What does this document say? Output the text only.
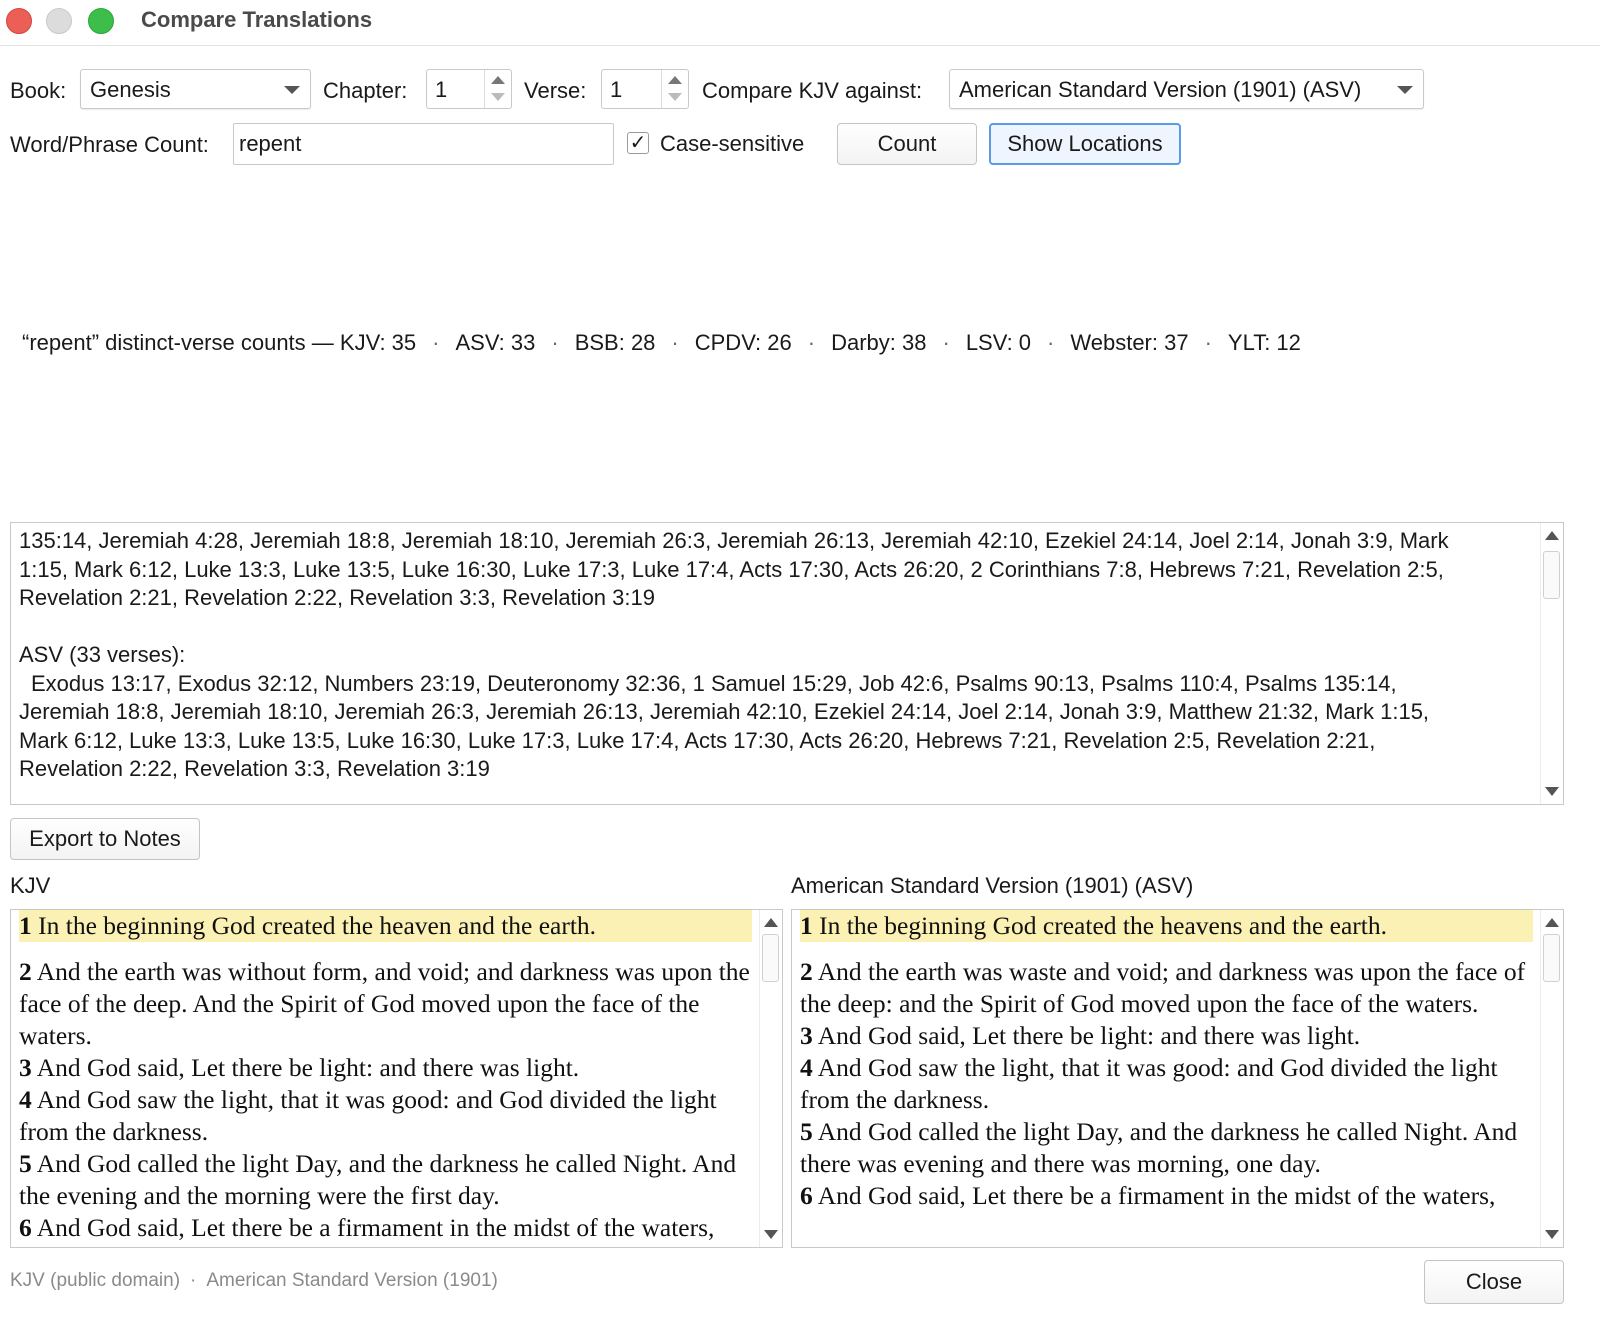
Compare Translations
Book: Genesis	Chapter: 1	Verse: 1	Compare KJV against: American Standard Version (1901) (ASV)
Word/Phrase Count:
repent	✓ Case-sensitive	Count	Show Locations
“repent” distinct-verse counts — KJV: 35 · ASV: 33 · BSB: 28 · CPDV: 26 · Darby: 38 · LSV: 0 · Webster: 37 · YLT: 12
135:14, Jeremiah 4:28, Jeremiah 18:8, Jeremiah 18:10, Jeremiah 26:3, Jeremiah 26:13, Jeremiah 42:10, Ezekiel 24:14, Joel 2:14, Jonah 3:9, Mark
1:15, Mark 6:12, Luke 13:3, Luke 13:5, Luke 16:30, Luke 17:3, Luke 17:4, Acts 17:30, Acts 26:20, 2 Corinthians 7:8, Hebrews 7:21, Revelation 2:5,
Revelation 2:21, Revelation 2:22, Revelation 3:3, Revelation 3:19
ASV (33 verses):
Exodus 13:17, Exodus 32:12, Numbers 23:19, Deuteronomy 32:36, 1 Samuel 15:29, Job 42:6, Psalms 90:13, Psalms 110:4, Psalms 135:14,
Jeremiah 18:8, Jeremiah 18:10, Jeremiah 26:3, Jeremiah 26:13, Jeremiah 42:10, Ezekiel 24:14, Joel 2:14, Jonah 3:9, Matthew 21:32, Mark 1:15,
Mark 6:12, Luke 13:3, Luke 13:5, Luke 16:30, Luke 17:3, Luke 17:4, Acts 17:30, Acts 26:20, Hebrews 7:21, Revelation 2:5, Revelation 2:21,
Revelation 2:22, Revelation 3:3, Revelation 3:19
Export to Notes
KJV	American Standard Version (1901) (ASV)
1 In the beginning God created the heaven and the earth.
2 And the earth was without form, and void; and darkness was upon the face of the deep. And the Spirit of God moved upon the face of the waters.
3 And God said, Let there be light: and there was light.
4 And God saw the light, that it was good: and God divided the light from the darkness.
5 And God called the light Day, and the darkness he called Night. And the evening and the morning were the first day.
6 And God said, Let there be a firmament in the midst of the waters,
1 In the beginning God created the heavens and the earth.
2 And the earth was waste and void; and darkness was upon the face of the deep: and the Spirit of God moved upon the face of the waters.
3 And God said, Let there be light: and there was light.
4 And God saw the light, that it was good: and God divided the light from the darkness.
5 And God called the light Day, and the darkness he called Night. And there was evening and there was morning, one day.
6 And God said, Let there be a firmament in the midst of the waters,
KJV (public domain) · American Standard Version (1901)	Close
